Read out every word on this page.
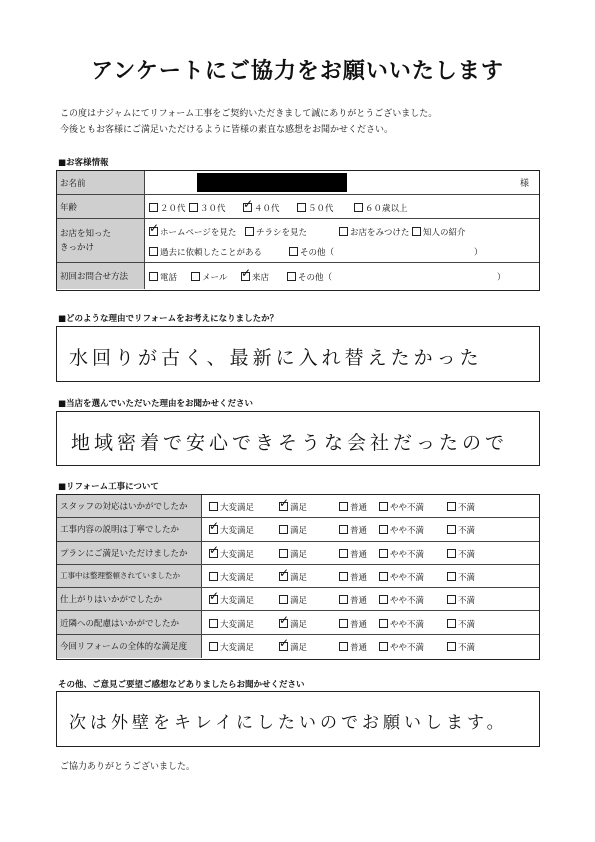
アンケートにご協力をお願いいたします
この度はナジャムにてリフォーム工事をご契約いただきまして誠にありがとうございました。
今後ともお客様にご満足いただけるように皆様の素直な感想をお聞かせください。
■お客様情報
お名前	様
年齢	２０代	３０代 ✓	４０代	５０代	６０歳以上
お店を知った
きっかけ
✓ホームページを見た	チラシを見た	お店をみつけた	知人の紹介
過去に依頼したことがある	その他（	）
初回お問合せ方法	電話	メール ✓	来店	その他（	）
■どのような理由でリフォームをお考えになりましたか？
水回りが古く、最新に入れ替えたかった
■当店を選んでいただいた理由をお聞かせください
地域密着で安心できそうな会社だったので
■リフォーム工事について
スタッフの対応はいかがでしたか	大変満足 ✓	満足	普通	やや不満	不満
工事内容の説明は丁寧でしたか ✓	大変満足	満足	普通	やや不満	不満
プランにご満足いただけましたか ✓	大変満足	満足	普通	やや不満	不満
工事中は整理整頓されていましたか	大変満足 ✓	満足	普通	やや不満	不満
仕上がりはいかがでしたか ✓	大変満足	満足	普通	やや不満	不満
近隣への配慮はいかがでしたか	大変満足 ✓	満足	普通	やや不満	不満
今回リフォームの全体的な満足度	大変満足 ✓	満足	普通	やや不満	不満
その他、ご意見ご要望ご感想などありましたらお聞かせください
次は外壁をキレイにしたいのでお願いします。
ご協力ありがとうございました。
